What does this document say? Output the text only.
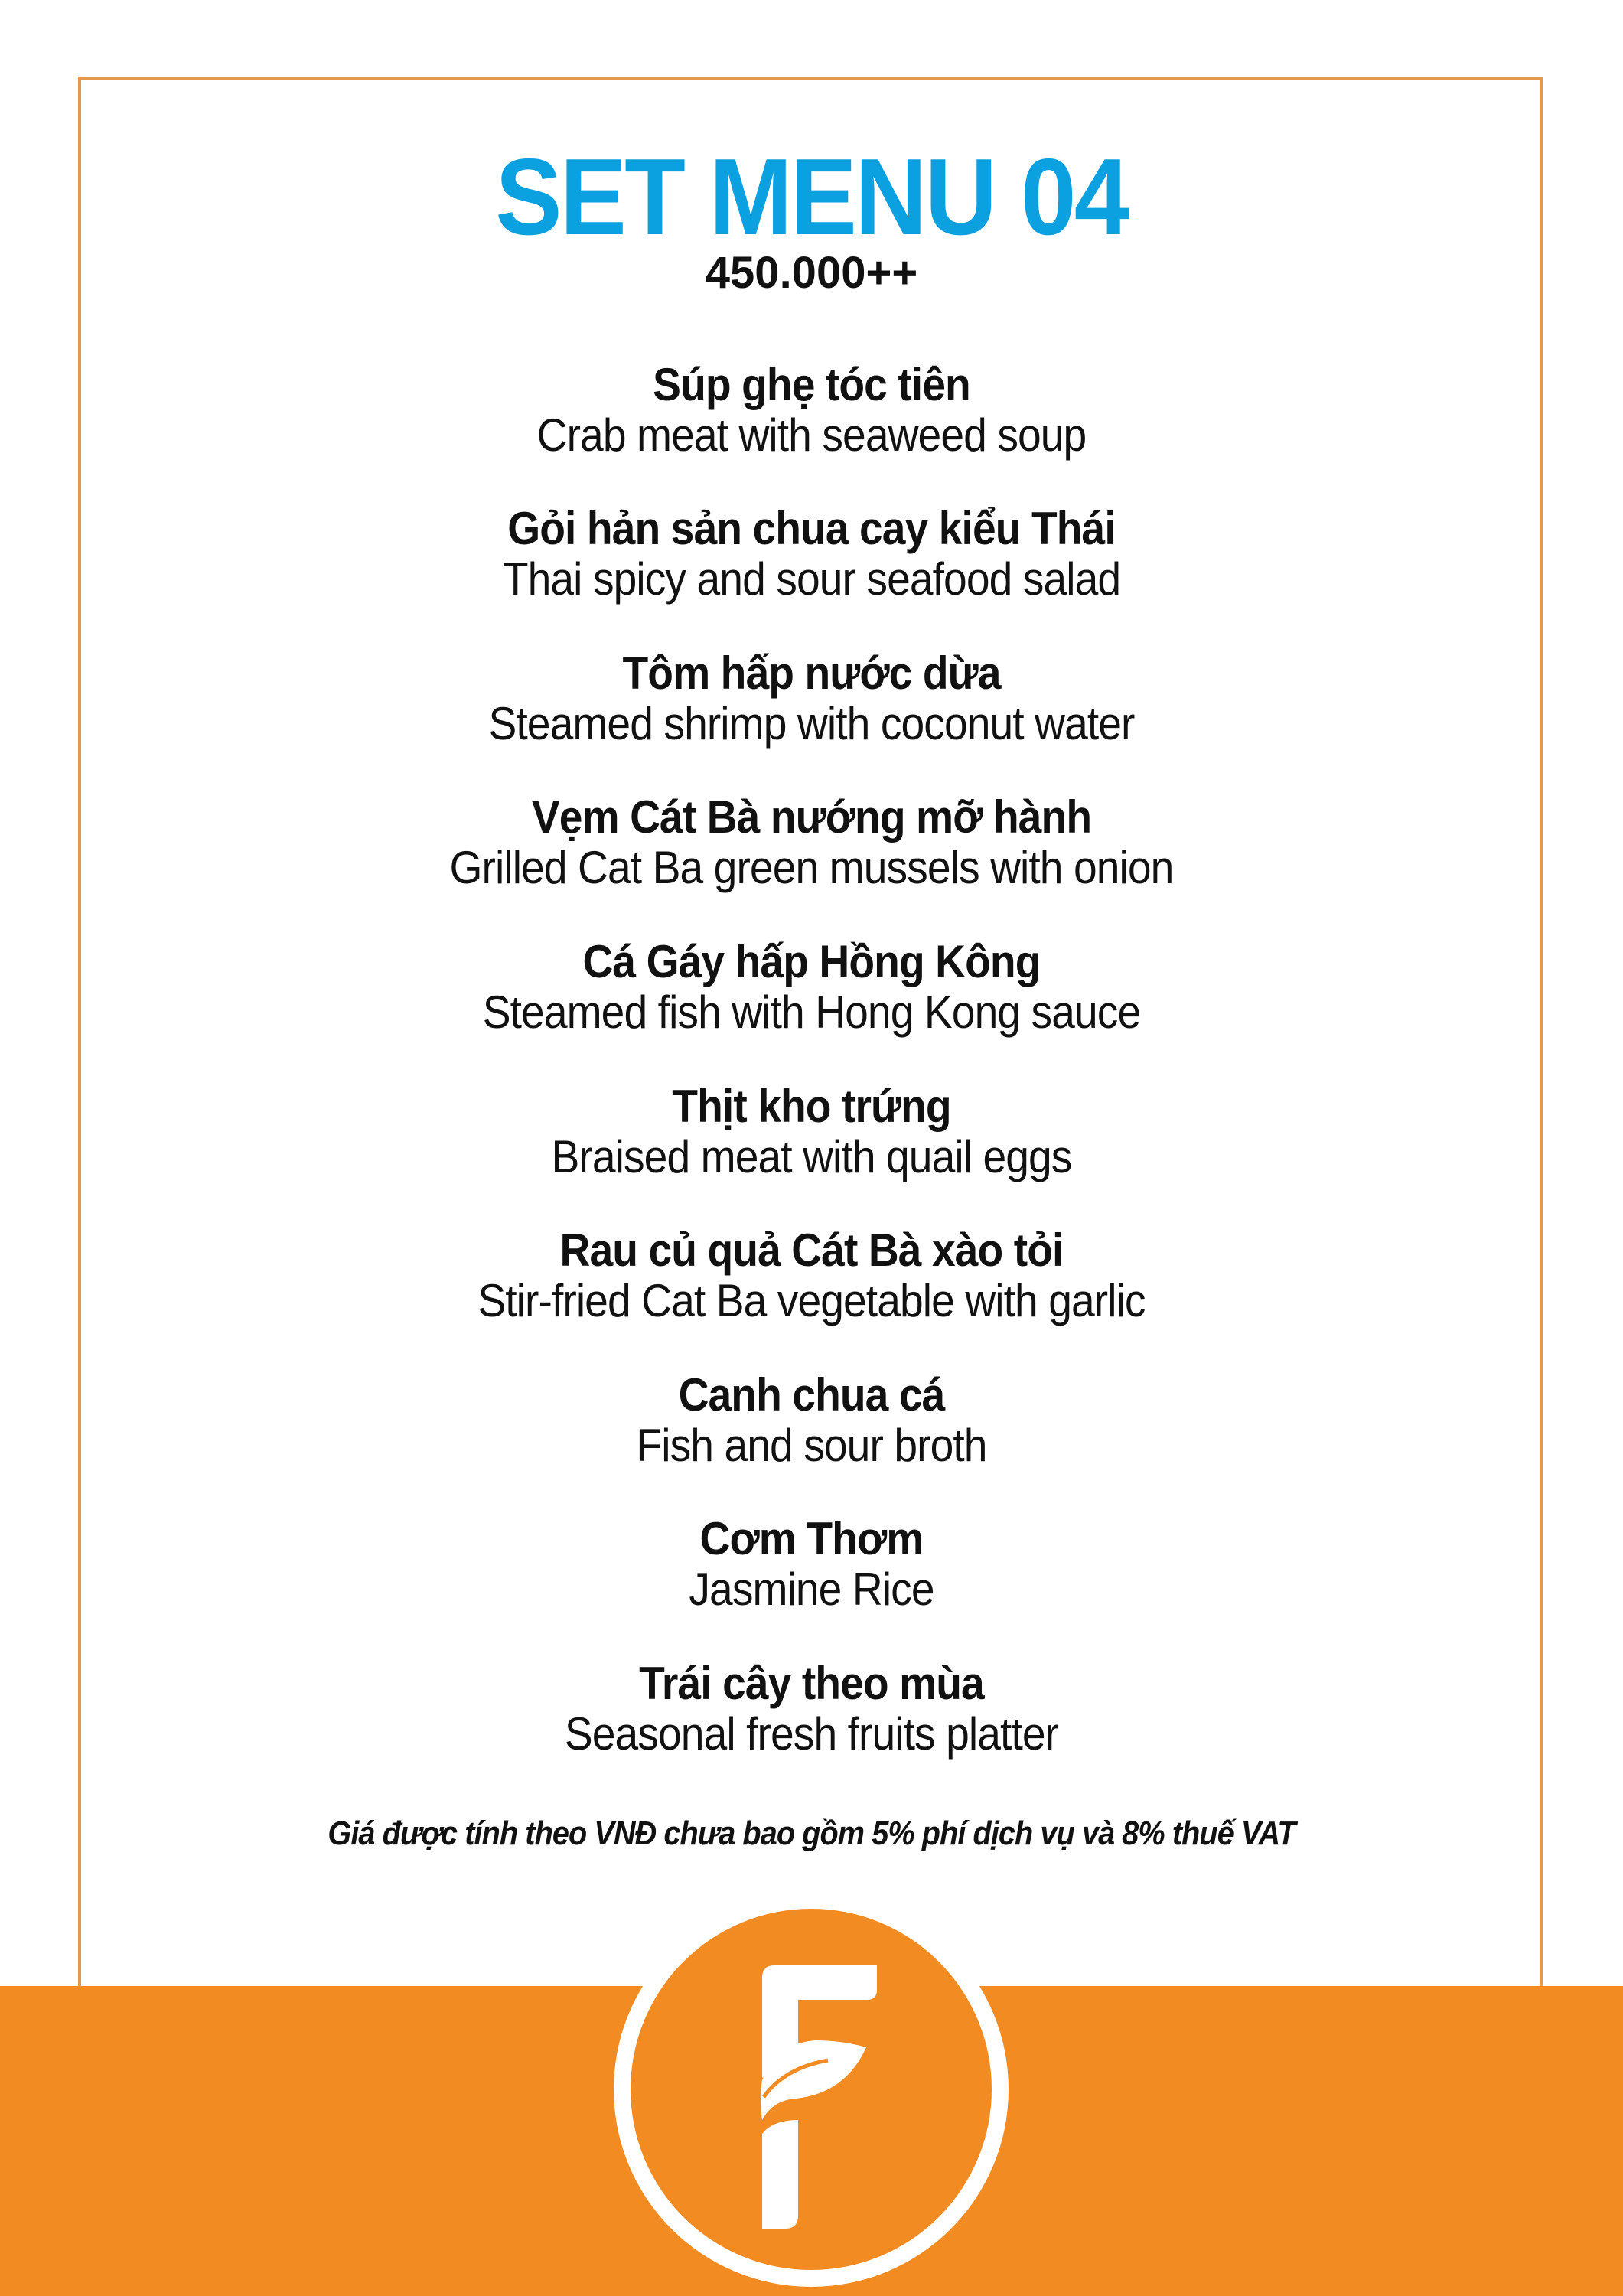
SET MENU 04
450.000++
Súp ghẹ tóc tiên
Crab meat with seaweed soup
Gỏi hản sản chua cay kiểu Thái
Thai spicy and sour seafood salad
Tôm hấp nước dừa
Steamed shrimp with coconut water
Vẹm Cát Bà nướng mỡ hành
Grilled Cat Ba green mussels with onion
Cá Gáy hấp Hồng Kông
Steamed fish with Hong Kong sauce
Thịt kho trứng
Braised meat with quail eggs
Rau củ quả Cát Bà xào tỏi
Stir-fried Cat Ba vegetable with garlic
Canh chua cá
Fish and sour broth
Cơm Thơm
Jasmine Rice
Trái cây theo mùa
Seasonal fresh fruits platter
Giá được tính theo VNĐ chưa bao gồm 5% phí dịch vụ và 8% thuế VAT
